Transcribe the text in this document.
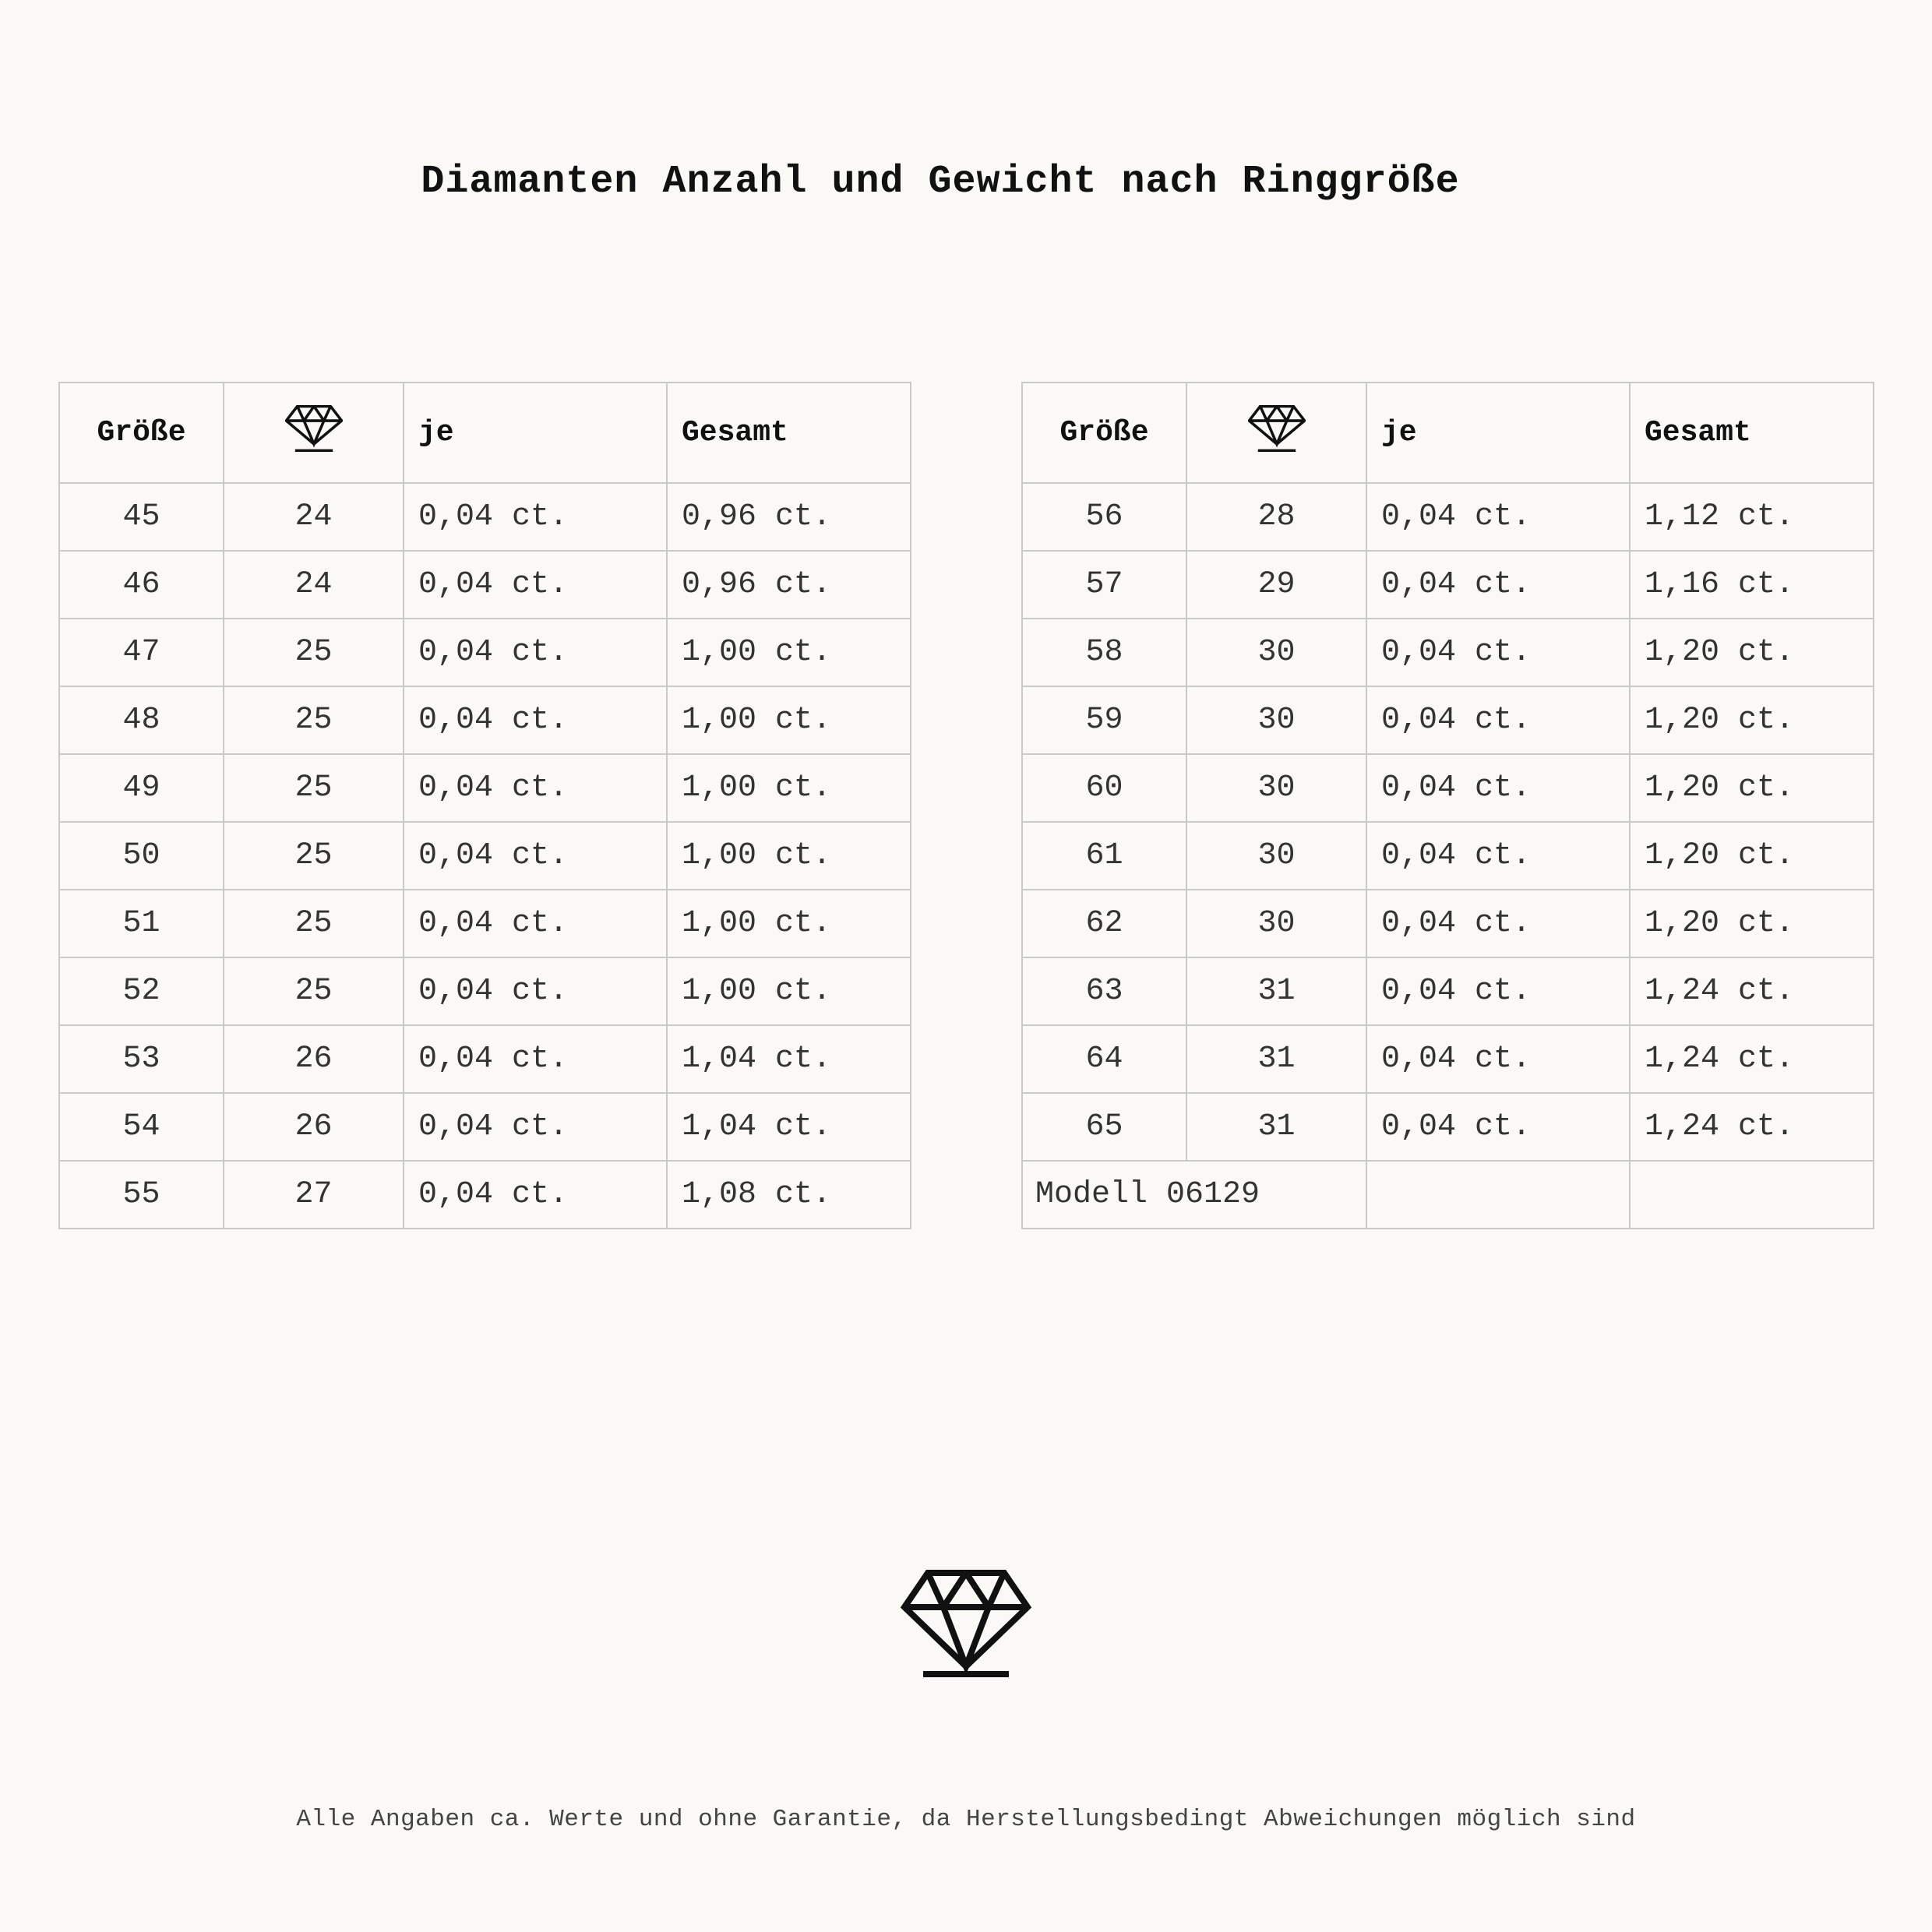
Diamanten Anzahl und Gewicht nach Ringgröße
Größe		je	Gesamt
45	24	0,04 ct.	0,96 ct.
46	24	0,04 ct.	0,96 ct.
47	25	0,04 ct.	1,00 ct.
48	25	0,04 ct.	1,00 ct.
49	25	0,04 ct.	1,00 ct.
50	25	0,04 ct.	1,00 ct.
51	25	0,04 ct.	1,00 ct.
52	25	0,04 ct.	1,00 ct.
53	26	0,04 ct.	1,04 ct.
54	26	0,04 ct.	1,04 ct.
55	27	0,04 ct.	1,08 ct.
Größe		je	Gesamt
56	28	0,04 ct.	1,12 ct.
57	29	0,04 ct.	1,16 ct.
58	30	0,04 ct.	1,20 ct.
59	30	0,04 ct.	1,20 ct.
60	30	0,04 ct.	1,20 ct.
61	30	0,04 ct.	1,20 ct.
62	30	0,04 ct.	1,20 ct.
63	31	0,04 ct.	1,24 ct.
64	31	0,04 ct.	1,24 ct.
65	31	0,04 ct.	1,24 ct.
Modell 06129			
Alle Angaben ca. Werte und ohne Garantie, da Herstellungsbedingt Abweichungen möglich sind
